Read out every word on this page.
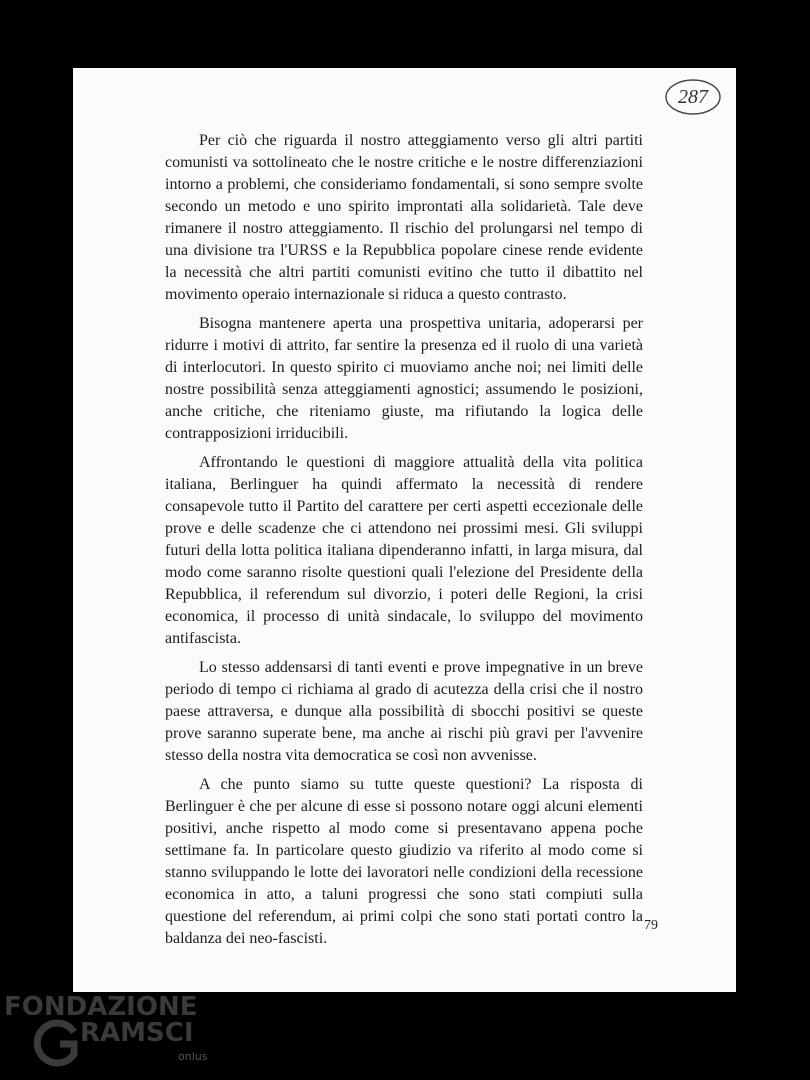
287

Per ciò che riguarda il nostro atteggiamento verso gli altri partiti comunisti va sottolineato che le nostre critiche e le nostre differenziazioni intorno a problemi, che consideriamo fondamentali, si sono sempre svolte secondo un metodo e uno spirito improntati alla solidarietà. Tale deve rimanere il nostro atteggiamento. Il rischio del prolungarsi nel tempo di una divisione tra l'URSS e la Repubblica popolare cinese rende evidente la necessità che altri partiti comunisti evitino che tutto il dibattito nel movimento operaio internazionale si riduca a questo contrasto.

Bisogna mantenere aperta una prospettiva unitaria, adoperarsi per ridurre i motivi di attrito, far sentire la presenza ed il ruolo di una varietà di interlocutori. In questo spirito ci muoviamo anche noi; nei limiti delle nostre possibilità senza atteggiamenti agnostici; assumendo le posizioni, anche critiche, che riteniamo giuste, ma rifiutando la logica delle contrapposizioni irriducibili.

Affrontando le questioni di maggiore attualità della vita politica italiana, Berlinguer ha quindi affermato la necessità di rendere consapevole tutto il Partito del carattere per certi aspetti eccezionale delle prove e delle scadenze che ci attendono nei prossimi mesi. Gli sviluppi futuri della lotta politica italiana dipenderanno infatti, in larga misura, dal modo come saranno risolte questioni quali l'elezione del Presidente della Repubblica, il referendum sul divorzio, i poteri delle Regioni, la crisi economica, il processo di unità sindacale, lo sviluppo del movimento antifascista.

Lo stesso addensarsi di tanti eventi e prove impegnative in un breve periodo di tempo ci richiama al grado di acutezza della crisi che il nostro paese attraversa, e dunque alla possibilità di sbocchi positivi se queste prove saranno superate bene, ma anche ai rischi più gravi per l'avvenire stesso della nostra vita democratica se così non avvenisse.

A che punto siamo su tutte queste questioni? La risposta di Berlinguer è che per alcune di esse si possono notare oggi alcuni elementi positivi, anche rispetto al modo come si presentavano appena poche settimane fa. In particolare questo giudizio va riferito al modo come si stanno sviluppando le lotte dei lavoratori nelle condizioni della recessione economica in atto, a taluni progressi che sono stati compiuti sulla questione del referendum, ai primi colpi che sono stati portati contro la baldanza dei neo-fascisti.

79
FONDAZIONE
RAMSCI
onlus
